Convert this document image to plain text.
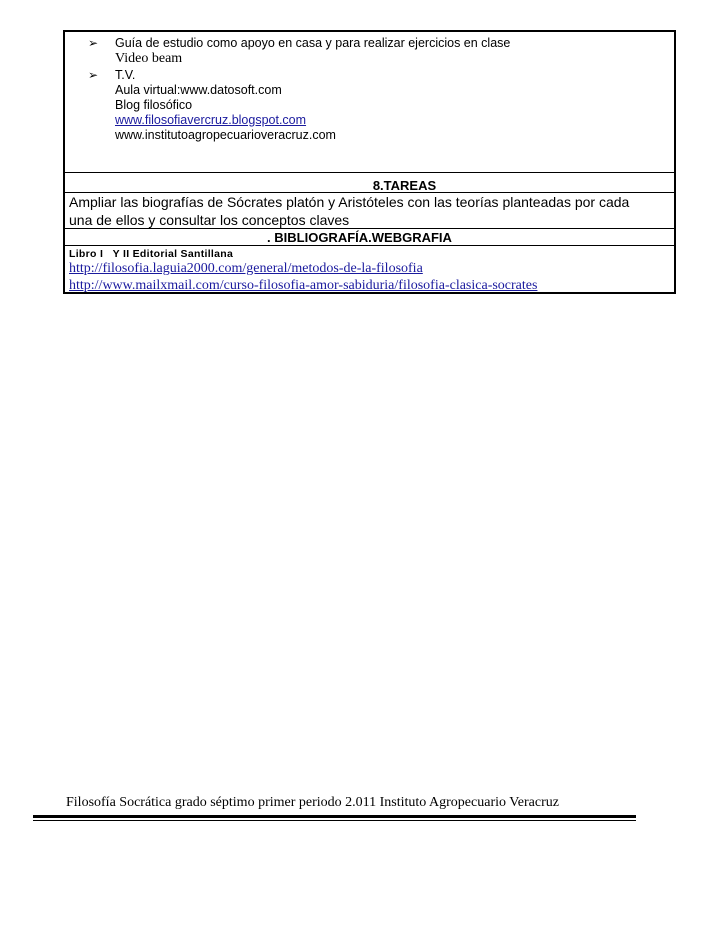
➢ Guía de estudio como apoyo en casa y para realizar ejercicios en clase
Video beam
➢ T.V.
Aula virtual:www.datosoft.com
Blog filosófico
www.filosofiavercruz.blogspot.com
www.institutoagropecuarioveracruz.com
8.TAREAS
Ampliar las biografías de Sócrates platón y Aristóteles con las teorías planteadas por cada
una de ellos y consultar los conceptos claves
. BIBLIOGRAFÍA.WEBGRAFIA
Libro I   Y II Editorial Santillana
http://filosofia.laguia2000.com/general/metodos-de-la-filosofia
http://www.mailxmail.com/curso-filosofia-amor-sabiduria/filosofia-clasica-socrates
Filosofía Socrática grado séptimo primer periodo 2.011 Instituto Agropecuario Veracruz
